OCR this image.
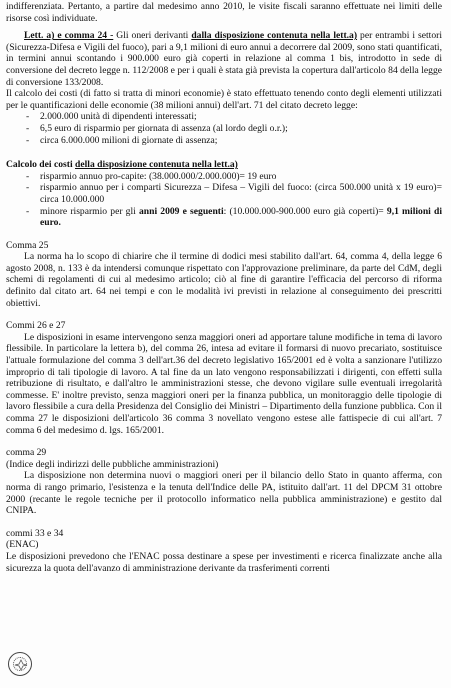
indifferenziata. Pertanto, a partire dal medesimo anno 2010, le visite fiscali saranno effettuate nei limiti delle risorse così individuate.

Lett. a) e comma 24 - Gli oneri derivanti dalla disposizione contenuta nella lett.a) per entrambi i settori (Sicurezza-Difesa e Vigili del fuoco), pari a 9,1 milioni di euro annui a decorrere dal 2009, sono stati quantificati, in termini annui scontando i 900.000 euro già coperti in relazione al comma 1 bis, introdotto in sede di conversione del decreto legge n. 112/2008 e per i quali è stata già prevista la copertura dall'articolo 84 della legge di conversione 133/2008.

Il calcolo dei costi (di fatto si tratta di minori economie) è stato effettuato tenendo conto degli elementi utilizzati per le quantificazioni delle economie (38 milioni annui) dell'art. 71 del citato decreto legge:

- 2.000.000 unità di dipendenti interessati;
- 6,5 euro di risparmio per giornata di assenza (al lordo degli o.r.);
- circa 6.000.000 milioni di giornate di assenza;

Calcolo dei costi della disposizione contenuta nella lett.a)

- risparmio annuo pro-capite: (38.000.000/2.000.000)= 19 euro
- risparmio annuo per i comparti Sicurezza – Difesa – Vigili del fuoco: (circa 500.000 unità x 19 euro)= circa 10.000.000
- minore risparmio per gli anni 2009 e seguenti: (10.000.000-900.000 euro già coperti)= 9,1 milioni di euro.

Comma 25

La norma ha lo scopo di chiarire che il termine di dodici mesi stabilito dall'art. 64, comma 4, della legge 6 agosto 2008, n. 133 è da intendersi comunque rispettato con l'approvazione preliminare, da parte del CdM, degli schemi di regolamenti di cui al medesimo articolo; ciò al fine di garantire l'efficacia del percorso di riforma definito dal citato art. 64 nei tempi e con le modalità ivi previsti in relazione al conseguimento dei prescritti obiettivi.

Commi 26 e 27

Le disposizioni in esame intervengono senza maggiori oneri ad apportare talune modifiche in tema di lavoro flessibile. In particolare la lettera b), del comma 26, intesa ad evitare il formarsi di nuovo precariato, sostituisce l'attuale formulazione del comma 3 dell'art.36 del decreto legislativo 165/2001 ed è volta a sanzionare l'utilizzo improprio di tali tipologie di lavoro. A tal fine da un lato vengono responsabilizzati i dirigenti, con effetti sulla retribuzione di risultato, e dall'altro le amministrazioni stesse, che devono vigilare sulle eventuali irregolarità commesse. E' inoltre previsto, senza maggiori oneri per la finanza pubblica, un monitoraggio delle tipologie di lavoro flessibile a cura della Presidenza del Consiglio dei Ministri – Dipartimento della funzione pubblica. Con il comma 27 le disposizioni dell'articolo 36 comma 3 novellato vengono estese alle fattispecie di cui all'art. 7 comma 6 del medesimo d. lgs. 165/2001.

comma 29

(Indice degli indirizzi delle pubbliche amministrazioni)

La disposizione non determina nuovi o maggiori oneri per il bilancio dello Stato in quanto afferma, con norma di rango primario, l'esistenza e la tenuta dell'Indice delle PA, istituito dall'art. 11 del DPCM 31 ottobre 2000 (recante le regole tecniche per il protocollo informatico nella pubblica amministrazione) e gestito dal CNIPA.

commi 33 e 34

(ENAC)

Le disposizioni prevedono che l'ENAC possa destinare a spese per investimenti e ricerca finalizzate anche alla sicurezza la quota dell'avanzo di amministrazione derivante da trasferimenti correnti
